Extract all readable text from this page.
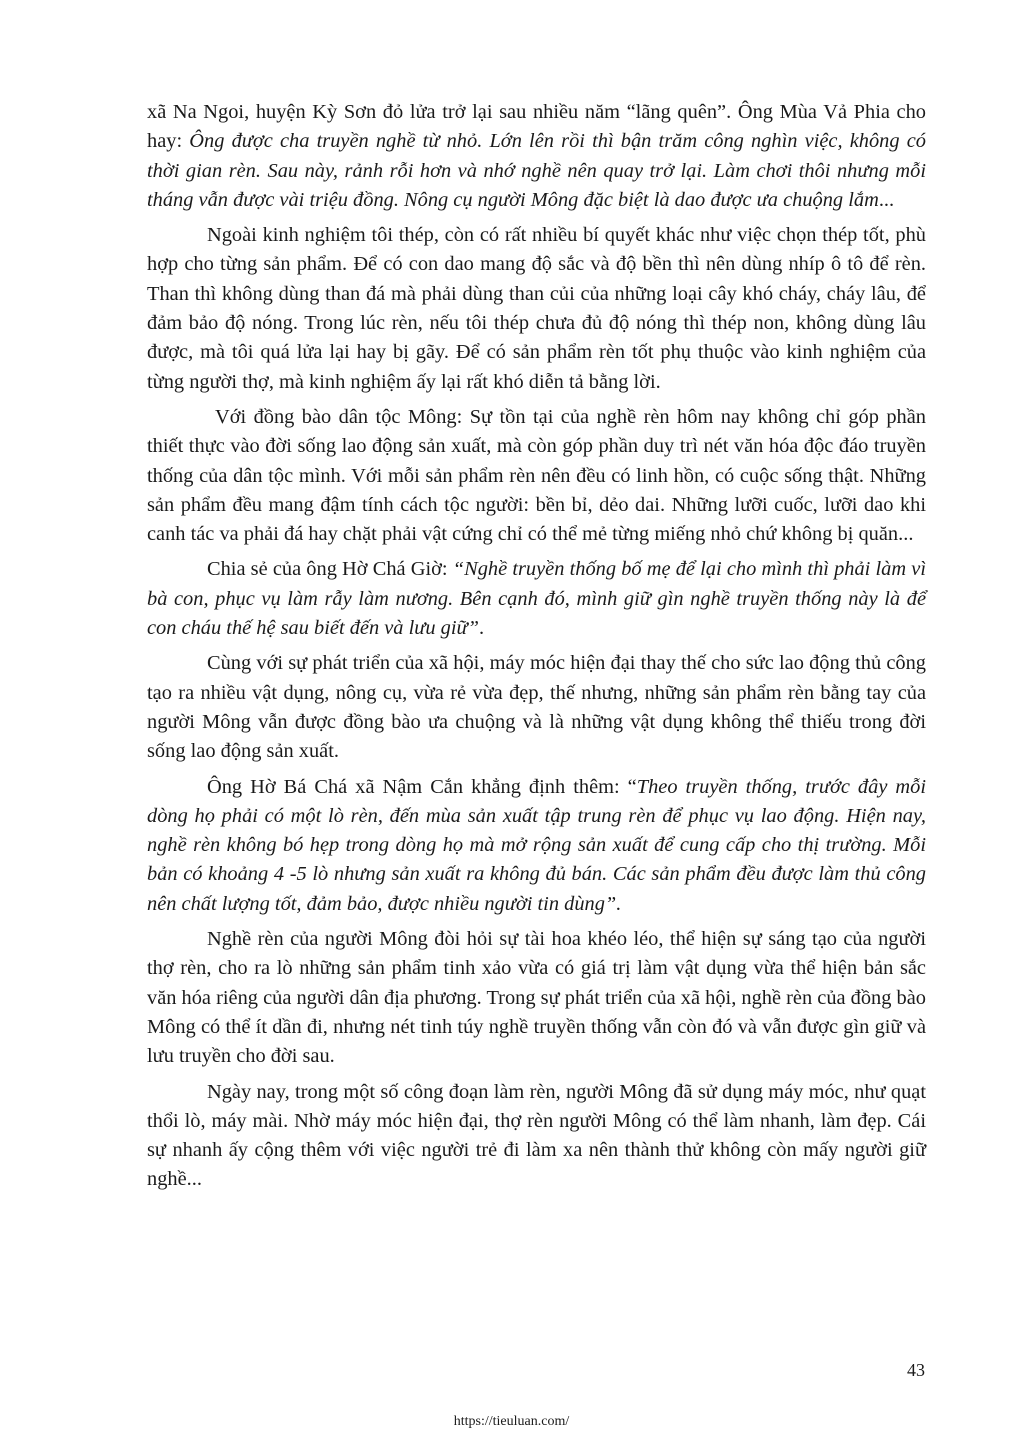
xã Na Ngoi, huyện Kỳ Sơn đỏ lửa trở lại sau nhiều năm “lãng quên”. Ông Mùa Vả Phia cho hay: Ông được cha truyền nghề từ nhỏ. Lớn lên rồi thì bận trăm công nghìn việc, không có thời gian rèn. Sau này, rảnh rỗi hơn và nhớ nghề nên quay trở lại. Làm chơi thôi nhưng mỗi tháng vẫn được vài triệu đồng. Nông cụ người Mông đặc biệt là dao được ưa chuộng lắm...

Ngoài kinh nghiệm tôi thép, còn có rất nhiều bí quyết khác như việc chọn thép tốt, phù hợp cho từng sản phẩm. Để có con dao mang độ sắc và độ bền thì nên dùng nhíp ô tô để rèn. Than thì không dùng than đá mà phải dùng than củi của những loại cây khó cháy, cháy lâu, để đảm bảo độ nóng. Trong lúc rèn, nếu tôi thép chưa đủ độ nóng thì thép non, không dùng lâu được, mà tôi quá lửa lại hay bị gãy. Để có sản phẩm rèn tốt phụ thuộc vào kinh nghiệm của từng người thợ, mà kinh nghiệm ấy lại rất khó diễn tả bằng lời.

Với đồng bào dân tộc Mông: Sự tồn tại của nghề rèn hôm nay không chỉ góp phần thiết thực vào đời sống lao động sản xuất, mà còn góp phần duy trì nét văn hóa độc đáo truyền thống của dân tộc mình. Với mỗi sản phẩm rèn nên đều có linh hồn, có cuộc sống thật. Những sản phẩm đều mang đậm tính cách tộc người: bền bỉ, dẻo dai. Những lưỡi cuốc, lưỡi dao khi canh tác va phải đá hay chặt phải vật cứng chỉ có thể mẻ từng miếng nhỏ chứ không bị quăn...

Chia sẻ của ông Hờ Chá Giờ: “Nghề truyền thống bố mẹ để lại cho mình thì phải làm vì bà con, phục vụ làm rẫy làm nương. Bên cạnh đó, mình giữ gìn nghề truyền thống này là để con cháu thế hệ sau biết đến và lưu giữ”.

Cùng với sự phát triển của xã hội, máy móc hiện đại thay thế cho sức lao động thủ công tạo ra nhiều vật dụng, nông cụ, vừa rẻ vừa đẹp, thế nhưng, những sản phẩm rèn bằng tay của người Mông vẫn được đồng bào ưa chuộng và là những vật dụng không thể thiếu trong đời sống lao động sản xuất.

Ông Hờ Bá Chá xã Nậm Cắn khẳng định thêm: “Theo truyền thống, trước đây mỗi dòng họ phải có một lò rèn, đến mùa sản xuất tập trung rèn để phục vụ lao động. Hiện nay, nghề rèn không bó hẹp trong dòng họ mà mở rộng sản xuất để cung cấp cho thị trường. Mỗi bản có khoảng 4 -5 lò nhưng sản xuất ra không đủ bán. Các sản phẩm đều được làm thủ công nên chất lượng tốt, đảm bảo, được nhiều người tin dùng”.

Nghề rèn của người Mông đòi hỏi sự tài hoa khéo léo, thể hiện sự sáng tạo của người thợ rèn, cho ra lò những sản phẩm tinh xảo vừa có giá trị làm vật dụng vừa thể hiện bản sắc văn hóa riêng của người dân địa phương. Trong sự phát triển của xã hội, nghề rèn của đồng bào Mông có thể ít dần đi, nhưng nét tinh túy nghề truyền thống vẫn còn đó và vẫn được gìn giữ và lưu truyền cho đời sau.

Ngày nay, trong một số công đoạn làm rèn, người Mông đã sử dụng máy móc, như quạt thổi lò, máy mài. Nhờ máy móc hiện đại, thợ rèn người Mông có thể làm nhanh, làm đẹp. Cái sự nhanh ấy cộng thêm với việc người trẻ đi làm xa nên thành thử không còn mấy người giữ nghề...

43
https://tieuluan.com/
